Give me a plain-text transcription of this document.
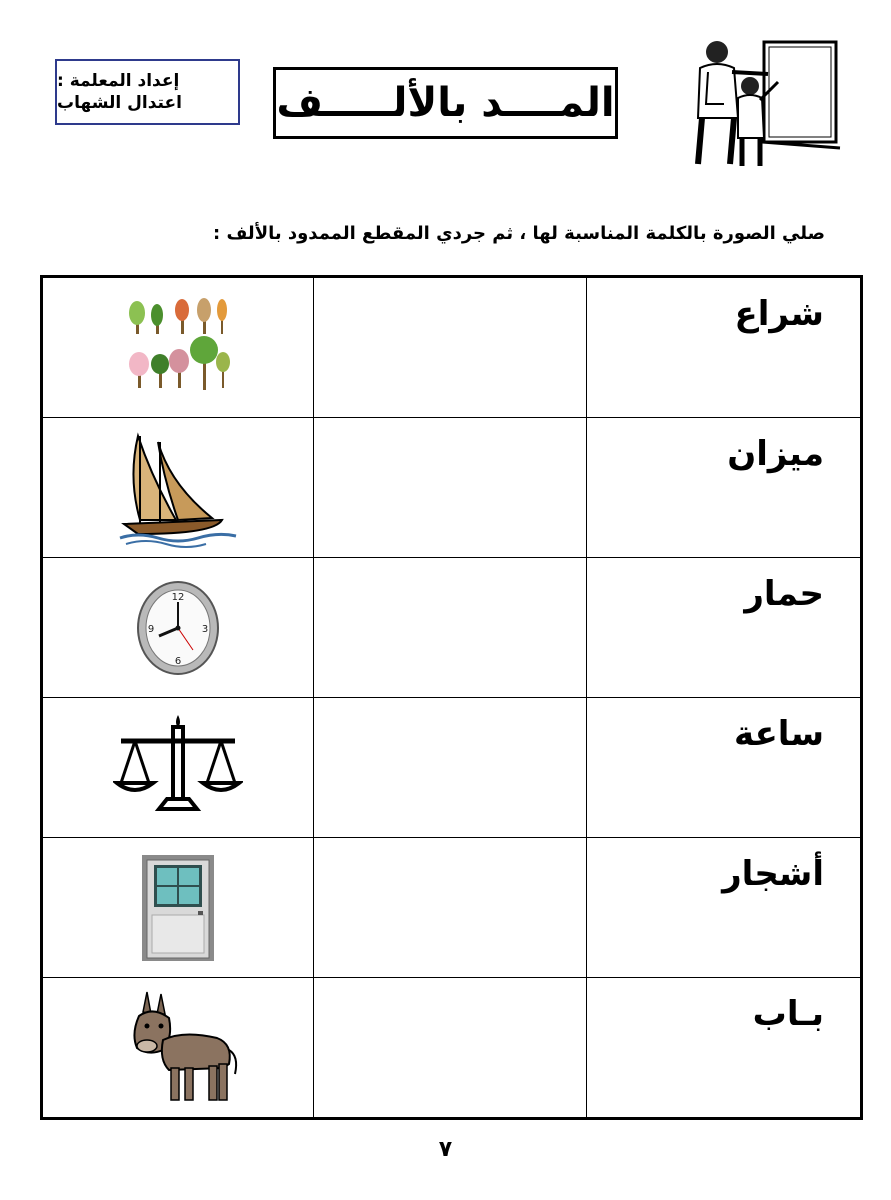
إعداد المعلمة :
اعتدال الشهاب المــــد بالألـــــف
صلي الصورة بالكلمة المناسبة لها ، ثم جردي المقطع الممدود بالألف :
		شراع

		ميزان

12
3
6
9		حمار

		ساعة

		أشجار

		بـاب
٧
